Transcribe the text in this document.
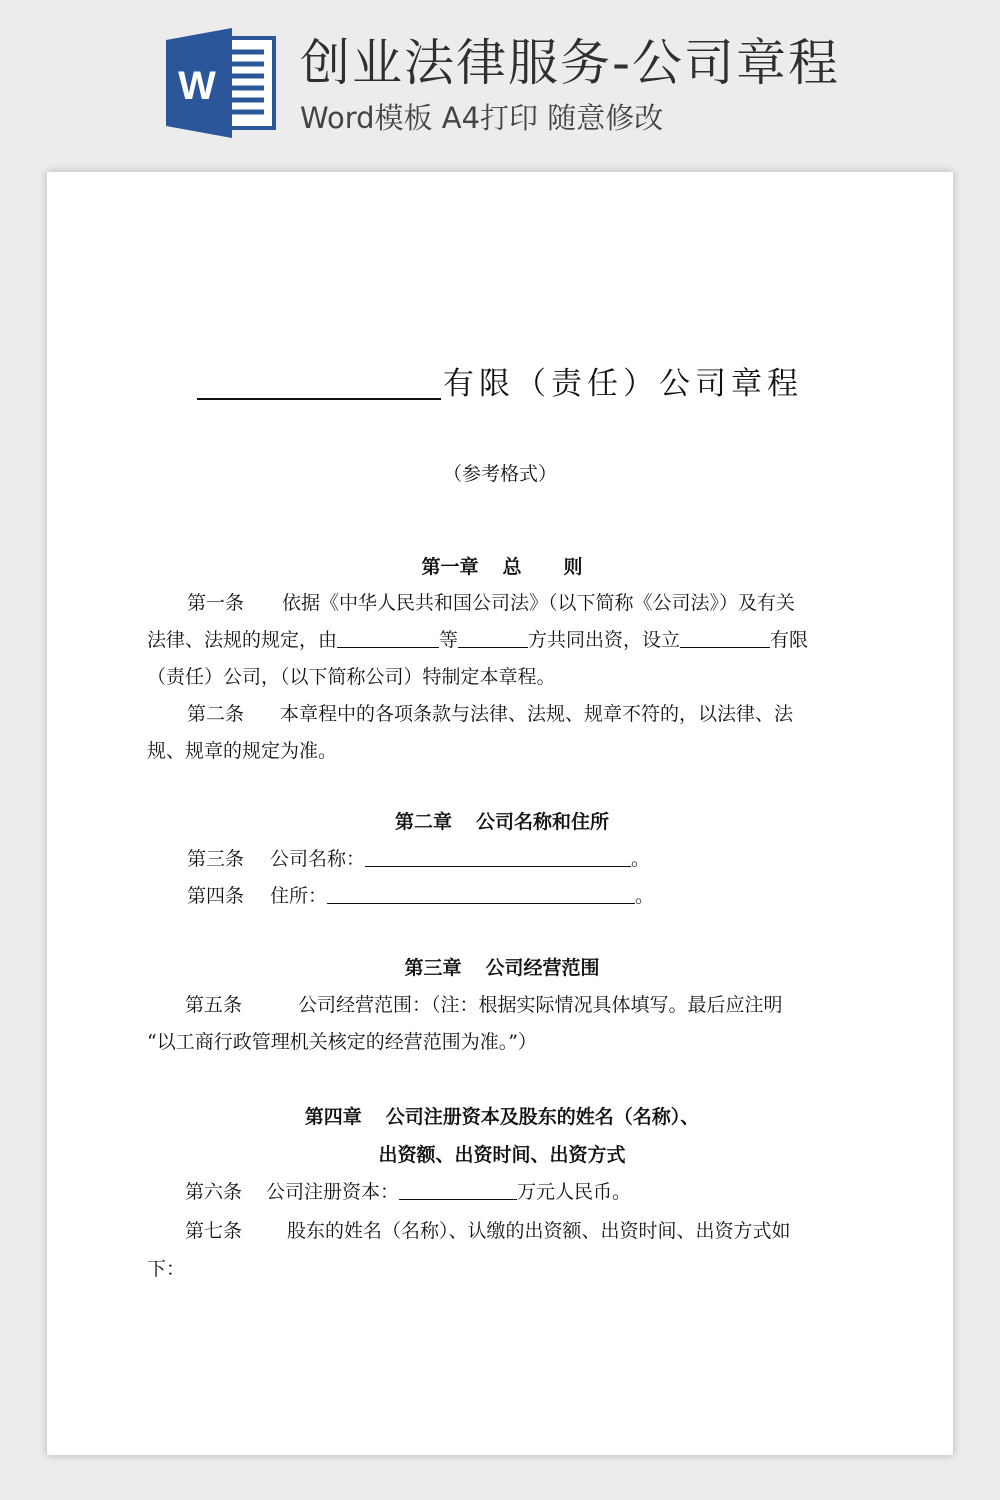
W 创业法律服务-公司章程
Word模板 A4打印 随意修改
有限（责任）公司章程
（参考格式）
第一章 总 则
第一条 依据《中华人民共和国公司法》（以下简称《公司法》）及有关
法律、法规的规定，由	等	方共同出资，设立	有限
（责任）公司，（以下简称公司）特制定本章程。
第二条 本章程中的各项条款与法律、法规、规章不符的，以法律、法
规、规章的规定为准。
第二章 公司名称和住所
第三条 公司名称：	。
第四条 住所：	。
第三章 公司经营范围
第五条	公司经营范围：（注：根据实际情况具体填写。最后应注明
“以工商行政管理机关核定的经营范围为准。”）
第四章 公司注册资本及股东的姓名（名称）、
出资额、出资时间、出资方式
第六条 公司注册资本：	万元人民币。
第七条 股东的姓名（名称）、认缴的出资额、出资时间、出资方式如
下：
